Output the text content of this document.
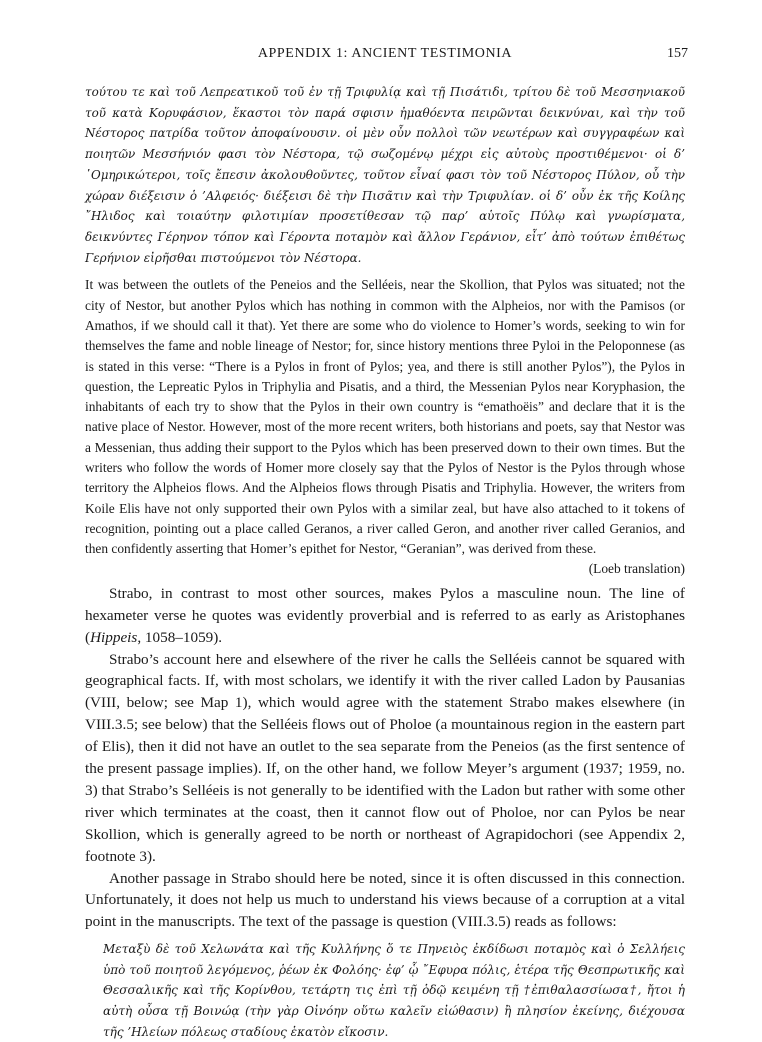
APPENDIX 1: ANCIENT TESTIMONIA	157

τούτου τε καὶ τοῦ Λεπρεατικοῦ τοῦ ἐν τῇ Τριφυλίᾳ καὶ τῇ Πισάτιδι, τρίτου δὲ τοῦ Μεσσηνιακοῦ τοῦ κατὰ Κορυφάσιον, ἕκαστοι τὸν παρά σφισιν ἠμαθόεντα πειρῶνται δεικνύναι, καὶ τὴν τοῦ Νέστορος πατρίδα τοῦτον ἀποφαίνουσιν. οἱ μὲν οὖν πολλοὶ τῶν νεωτέρων καὶ συγγραφέων καὶ ποιητῶν Μεσσήνιόν φασι τὸν Νέστορα, τῷ σωζομένῳ μέχρι εἰς αὐτοὺς προστιθέμενοι· οἱ δ’ ῾Ομηρικώτεροι, τοῖς ἔπεσιν ἀκολουθοῦντες, τοῦτον εἶναί φασι τὸν τοῦ Νέστορος Πύλον, οὗ τὴν χώραν διέξεισιν ὁ ’Αλφειός· διέξεισι δὲ τὴν Πισᾶτιν καὶ τὴν Τριφυλίαν. οἱ δ’ οὖν ἐκ τῆς Κοίλης ῎Ηλιδος καὶ τοιαύτην φιλοτιμίαν προσετίθεσαν τῷ παρ’ αὑτοῖς Πύλῳ καὶ γνωρίσματα, δεικνύντες Γέρηνον τόπον καὶ Γέροντα ποταμὸν καὶ ἄλλον Γεράνιον, εἶτ’ ἀπὸ τούτων ἐπιθέτως Γερήνιον εἰρῆσθαι πιστούμενοι τὸν Νέστορα.

It was between the outlets of the Peneios and the Selléeis, near the Skollion, that Pylos was situated; not the city of Nestor, but another Pylos which has nothing in common with the Alpheios, nor with the Pamisos (or Amathos, if we should call it that). Yet there are some who do violence to Homer’s words, seeking to win for themselves the fame and noble lineage of Nestor; for, since history mentions three Pyloi in the Peloponnese (as is stated in this verse: “There is a Pylos in front of Pylos; yea, and there is still another Pylos”), the Pylos in question, the Lepreatic Pylos in Triphylia and Pisatis, and a third, the Messenian Pylos near Koryphasion, the inhabitants of each try to show that the Pylos in their own country is “emathoëis” and declare that it is the native place of Nestor. However, most of the more recent writers, both historians and poets, say that Nestor was a Messenian, thus adding their support to the Pylos which has been preserved down to their own times. But the writers who follow the words of Homer more closely say that the Pylos of Nestor is the Pylos through whose territory the Alpheios flows. And the Alpheios flows through Pisatis and Triphylia. However, the writers from Koile Elis have not only supported their own Pylos with a similar zeal, but have also attached to it tokens of recognition, pointing out a place called Geranos, a river called Geron, and another river called Geranios, and then confidently asserting that Homer’s epithet for Nestor, “Geranian”, was derived from these.
(Loeb translation)

Strabo, in contrast to most other sources, makes Pylos a masculine noun. The line of hexameter verse he quotes was evidently proverbial and is referred to as early as Aristophanes (Hippeis, 1058–1059).

Strabo’s account here and elsewhere of the river he calls the Selléeis cannot be squared with geographical facts. If, with most scholars, we identify it with the river called Ladon by Pausanias (VIII, below; see Map 1), which would agree with the statement Strabo makes elsewhere (in VIII.3.5; see below) that the Selléeis flows out of Pholoe (a mountainous region in the eastern part of Elis), then it did not have an outlet to the sea separate from the Peneios (as the first sentence of the present passage implies). If, on the other hand, we follow Meyer’s argument (1937; 1959, no. 3) that Strabo’s Selléeis is not generally to be identified with the Ladon but rather with some other river which terminates at the coast, then it cannot flow out of Pholoe, nor can Pylos be near Skollion, which is generally agreed to be north or northeast of Agrapidochori (see Appendix 2, footnote 3).

Another passage in Strabo should here be noted, since it is often discussed in this connection. Unfortunately, it does not help us much to understand his views because of a corruption at a vital point in the manuscripts. The text of the passage is question (VIII.3.5) reads as follows:

Μεταξὺ δὲ τοῦ Χελωνάτα καὶ τῆς Κυλλήνης ὅ τε Πηνειὸς ἐκδίδωσι ποταμὸς καὶ ὁ Σελλήεις ὑπὸ τοῦ ποιητοῦ λεγόμενος, ῥέων ἐκ Φολόης· ἐφ’ ᾧ ῎Εφυρα πόλις, ἑτέρα τῆς Θεσπρωτικῆς καὶ Θεσσαλικῆς καὶ τῆς Κορίνθου, τετάρτη τις ἐπὶ τῇ ὁδῷ κειμένη τῇ †ἐπιθαλασσίωσα†, ἤτοι ἡ αὐτὴ οὖσα τῇ Βοινώᾳ (τὴν γὰρ Οἰνόην οὕτω καλεῖν εἰώθασιν) ἢ πλησίον ἐκείνης, διέχουσα τῆς ’Ηλείων πόλεως σταδίους ἑκατὸν εἴκοσιν.
